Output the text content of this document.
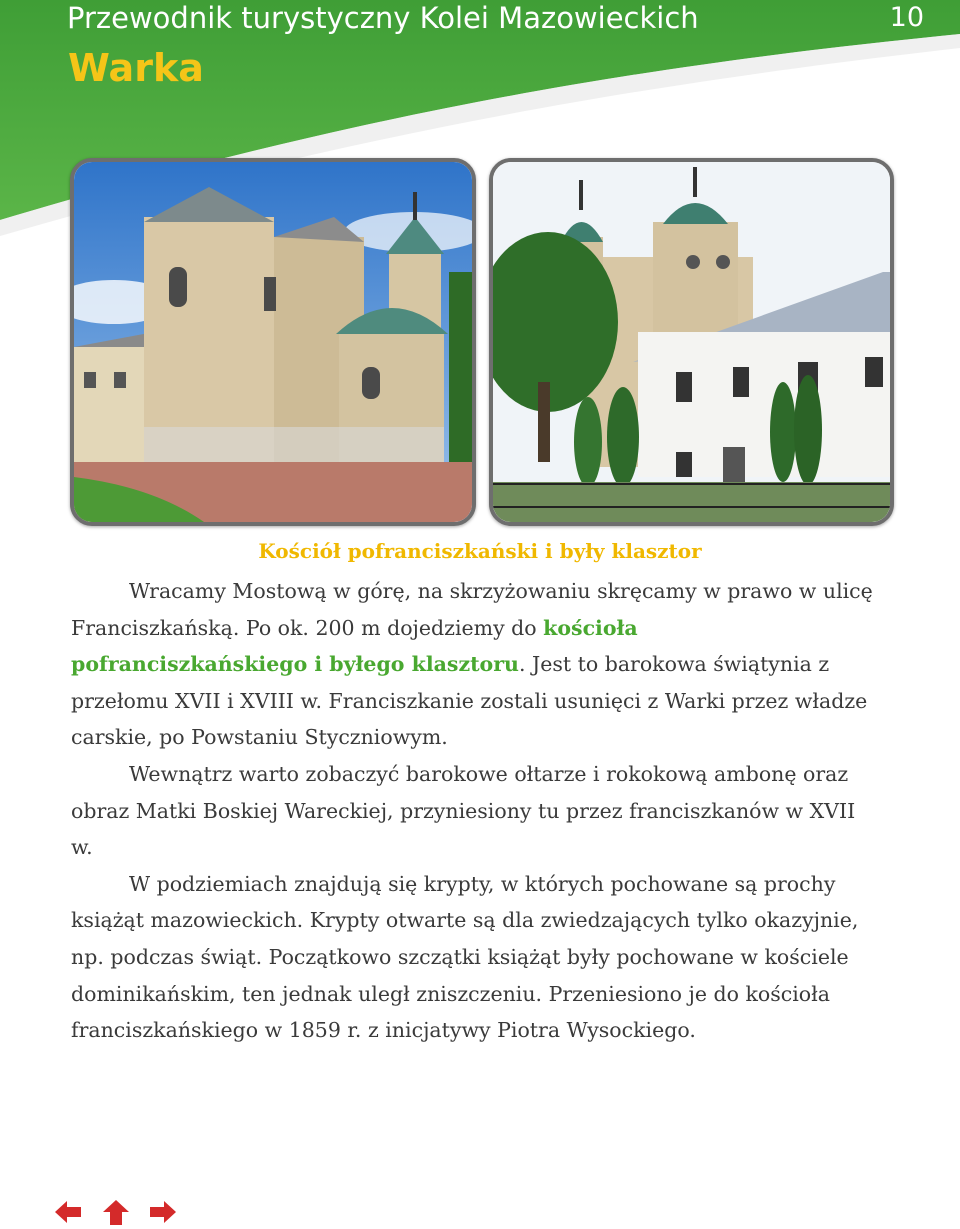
Przewodnik turystyczny Kolei Mazowieckich	10
Warka
Kościół pofranciszkański i były klasztor

Wracamy Mostową w górę, na skrzyżowaniu skręcamy w prawo w ulicę Franciszkańską. Po ok. 200 m dojedziemy do kościoła pofranciszkańskiego i byłego klasztoru. Jest to barokowa świątynia z przełomu XVII i XVIII w. Franciszkanie zostali usunięci z Warki przez władze carskie, po Powstaniu Styczniowym.

Wewnątrz warto zobaczyć barokowe ołtarze i rokokową ambonę oraz obraz Matki Boskiej Wareckiej, przyniesiony tu przez franciszkanów w XVII w.

W podziemiach znajdują się krypty, w których pochowane są prochy książąt mazowieckich. Krypty otwarte są dla zwiedzających tylko okazyjnie, np. podczas świąt. Początkowo szczątki książąt były pochowane w kościele dominikańskim, ten jednak uległ zniszczeniu. Przeniesiono je do kościoła franciszkańskiego w 1859 r. z inicjatywy Piotra Wysockiego.

Koleje
Mazowieckie
